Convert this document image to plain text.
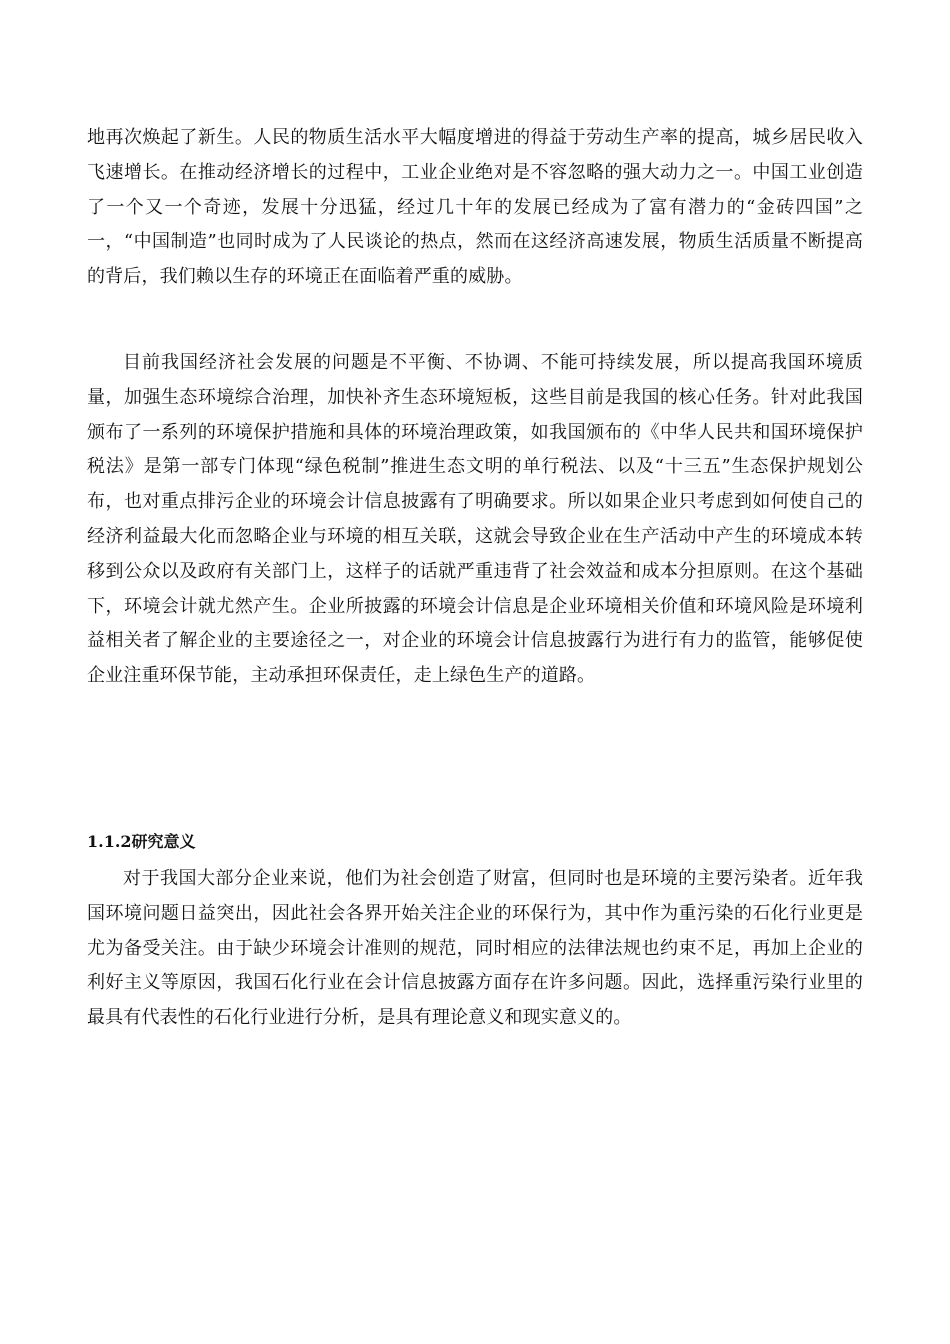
地再次焕起了新生。人民的物质生活水平大幅度增进的得益于劳动生产率的提高，城乡居民收入飞速增长。在推动经济增长的过程中，工业企业绝对是不容忽略的强大动力之一。中国工业创造了一个又一个奇迹，发展十分迅猛，经过几十年的发展已经成为了富有潜力的“金砖四国”之一，“中国制造”也同时成为了人民谈论的热点，然而在这经济高速发展，物质生活质量不断提高的背后，我们赖以生存的环境正在面临着严重的威胁。
目前我国经济社会发展的问题是不平衡、不协调、不能可持续发展，所以提高我国环境质量，加强生态环境综合治理，加快补齐生态环境短板，这些目前是我国的核心任务。针对此我国颁布了一系列的环境保护措施和具体的环境治理政策，如我国颁布的《中华人民共和国环境保护税法》是第一部专门体现“绿色税制”推进生态文明的单行税法、以及“十三五”生态保护规划公布，也对重点排污企业的环境会计信息披露有了明确要求。所以如果企业只考虑到如何使自己的经济利益最大化而忽略企业与环境的相互关联，这就会导致企业在生产活动中产生的环境成本转移到公众以及政府有关部门上，这样子的话就严重违背了社会效益和成本分担原则。在这个基础下，环境会计就尤然产生。企业所披露的环境会计信息是企业环境相关价值和环境风险是环境利益相关者了解企业的主要途径之一，对企业的环境会计信息披露行为进行有力的监管，能够促使企业注重环保节能，主动承担环保责任，走上绿色生产的道路。
1.1.2研究意义
对于我国大部分企业来说，他们为社会创造了财富，但同时也是环境的主要污染者。近年我国环境问题日益突出，因此社会各界开始关注企业的环保行为，其中作为重污染的石化行业更是尤为备受关注。由于缺少环境会计准则的规范，同时相应的法律法规也约束不足，再加上企业的利好主义等原因，我国石化行业在会计信息披露方面存在许多问题。因此，选择重污染行业里的最具有代表性的石化行业进行分析，是具有理论意义和现实意义的。
